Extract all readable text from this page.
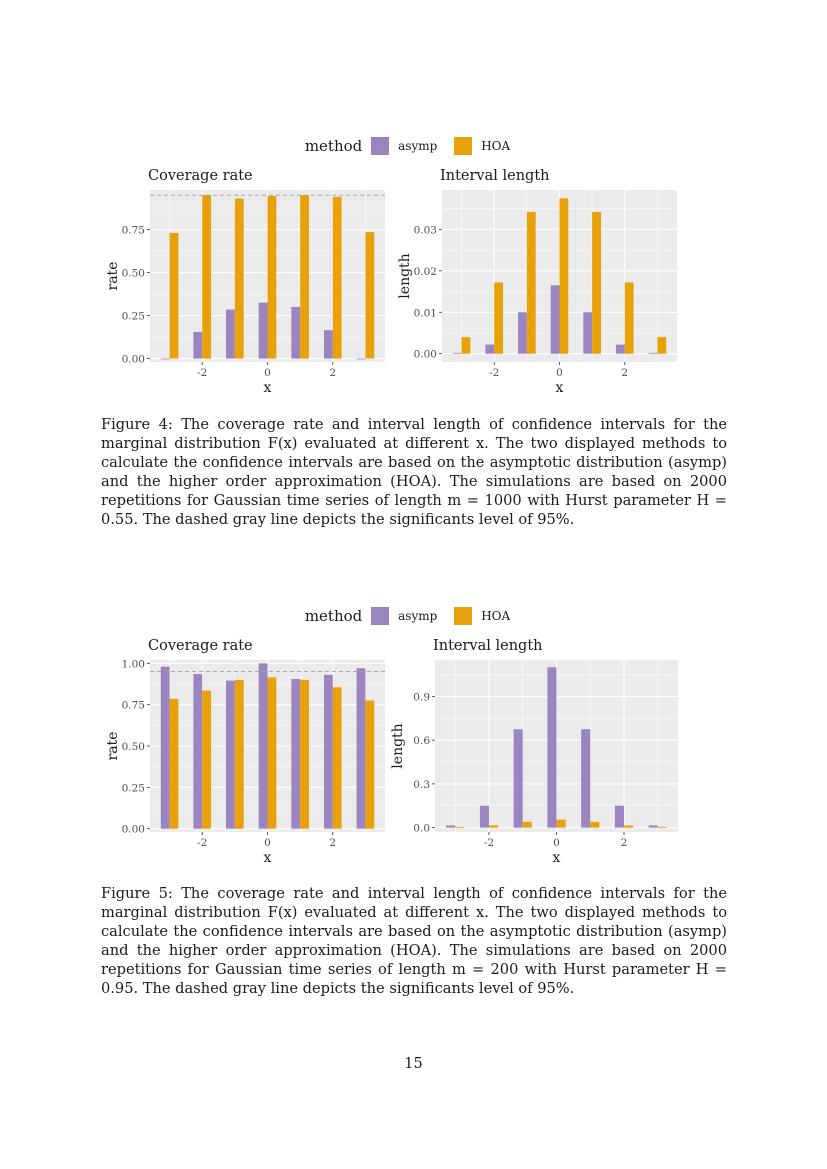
method	asymp	HOA
Coverage rate
0.00
0.25
0.50
0.75
-2	0	2
x
rate
Interval length
0.00
0.01
0.02
0.03
-2	0	2
x
length

Figure 4: The coverage rate and interval length of confidence intervals for the marginal distribution F(x) evaluated at different x. The two displayed methods to calculate the confidence intervals are based on the asymptotic distribution (asymp) and the higher order approximation (HOA). The simulations are based on 2000 repetitions for Gaussian time series of length m = 1000 with Hurst parameter H = 0.55. The dashed gray line depicts the significants level of 95%.

method	asymp	HOA
Coverage rate
0.00
0.25
0.50
0.75
1.00
-2	0	2
x
rate
Interval length
0.0
0.3
0.6
0.9
-2	0	2
x
length

Figure 5: The coverage rate and interval length of confidence intervals for the marginal distribution F(x) evaluated at different x. The two displayed methods to calculate the confidence intervals are based on the asymptotic distribution (asymp) and the higher order approximation (HOA). The simulations are based on 2000 repetitions for Gaussian time series of length m = 200 with Hurst parameter H = 0.95. The dashed gray line depicts the significants level of 95%.

15
